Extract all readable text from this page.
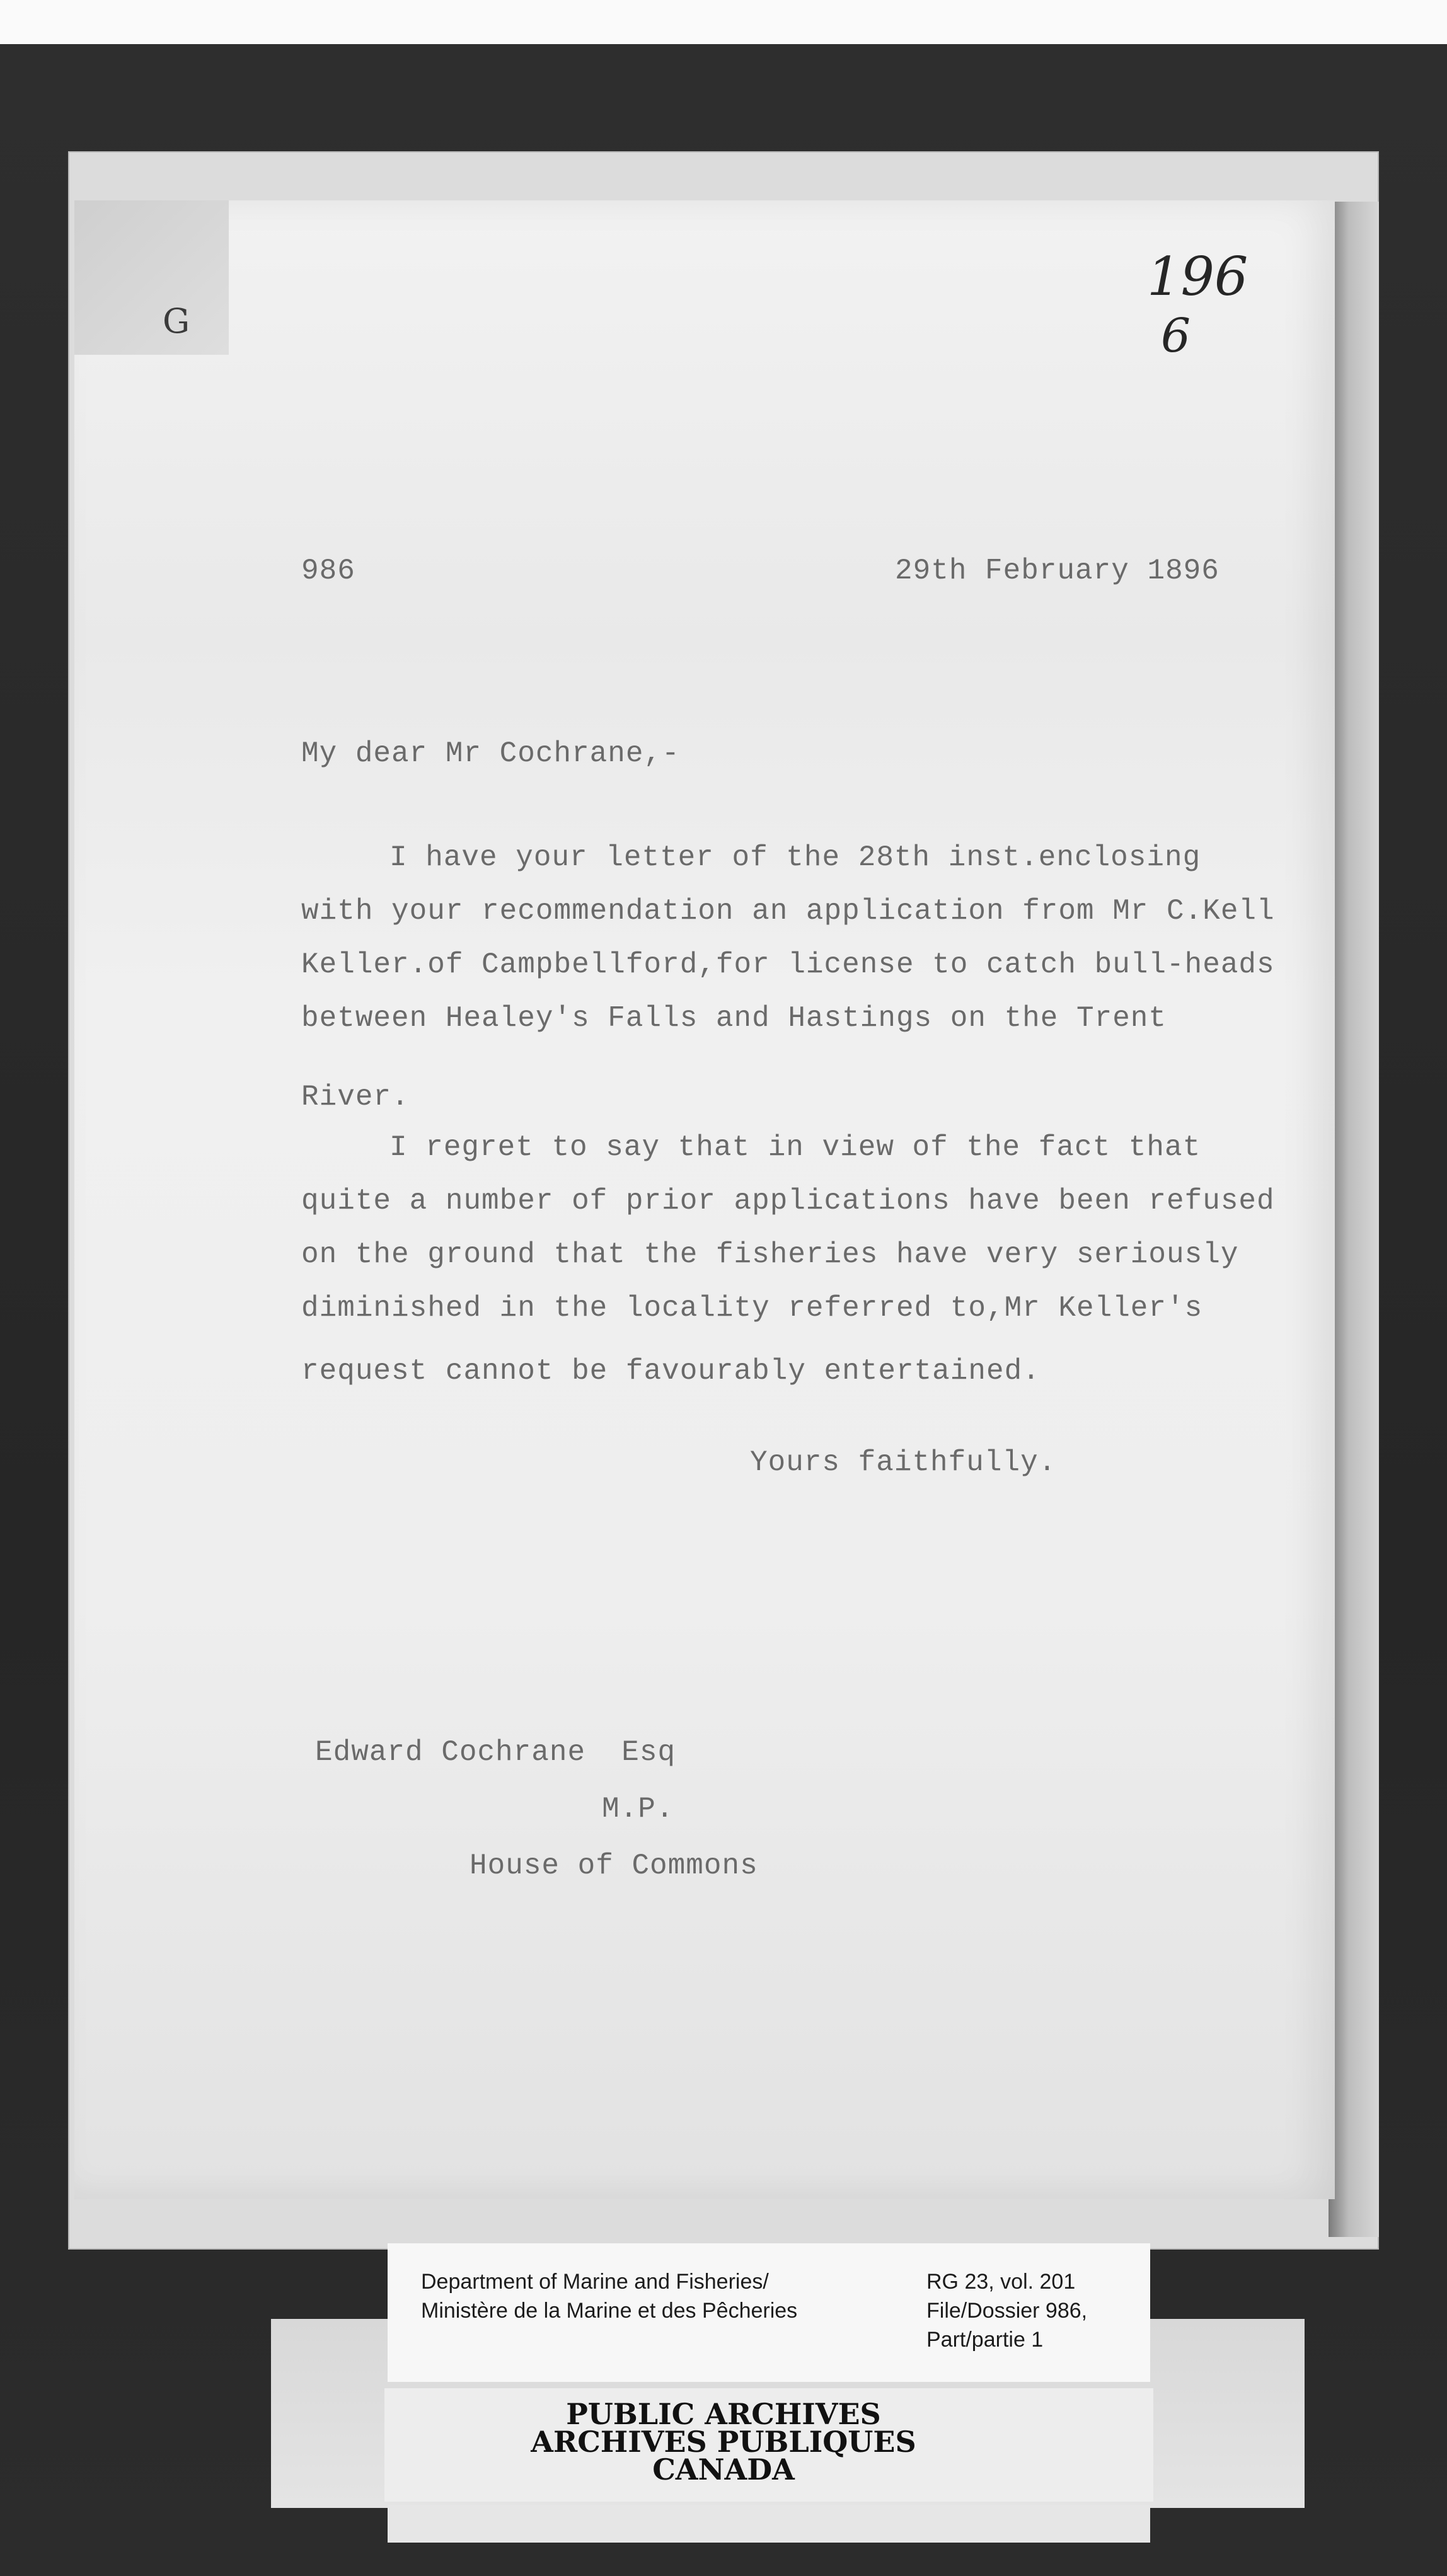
G
196
6
986	29th February 1896
My dear Mr Cochrane,-
I have your letter of the 28th inst.enclosing
with your recommendation an application from Mr C.Kell
Keller.of Campbellford,for license to catch bull-heads
between Healey's Falls and Hastings on the Trent
River.
I regret to say that in view of the fact that
quite a number of prior applications have been refused
on the ground that the fisheries have very seriously
diminished in the locality referred to,Mr Keller's
request cannot be favourably entertained.
Yours faithfully.
Edward Cochrane  Esq
M.P.
House of Commons
Department of Marine and Fisheries/
Ministère de la Marine et des Pêcheries
RG 23, vol. 201
File/Dossier 986,
Part/partie 1
PUBLIC ARCHIVES
ARCHIVES PUBLIQUES
CANADA
